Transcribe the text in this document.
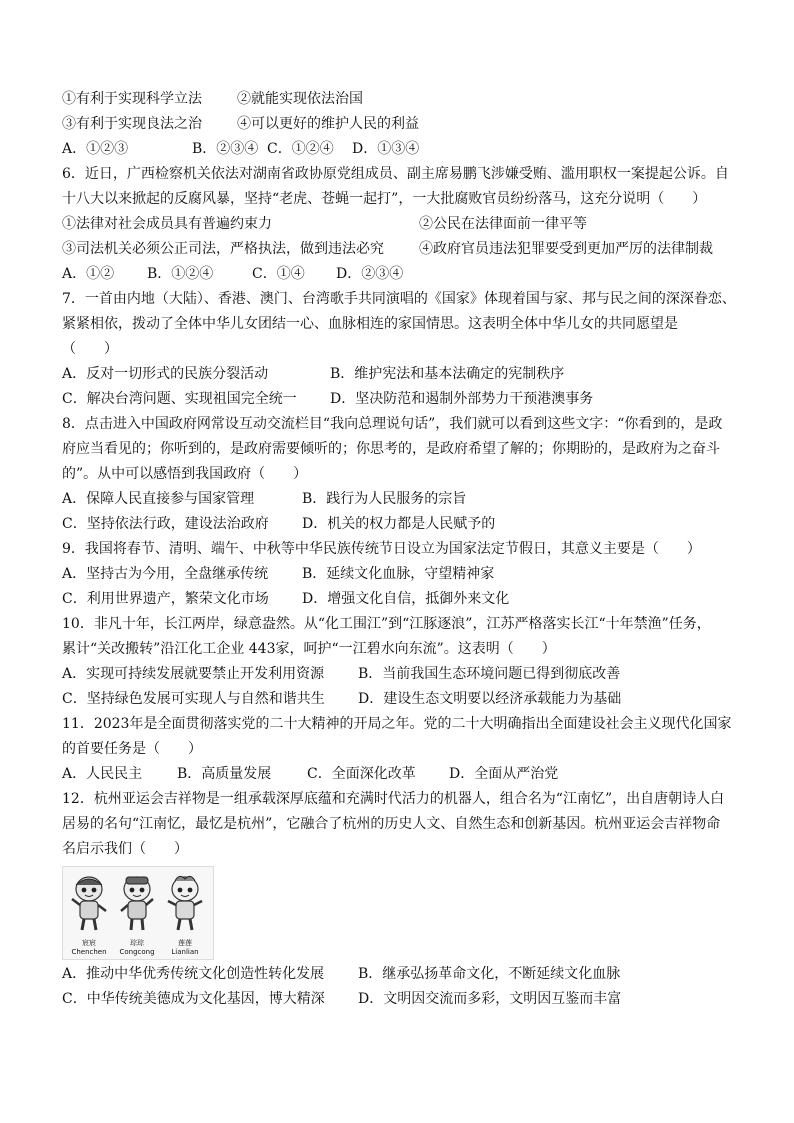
①有利于实现科学立法	②就能实现依法治国
③有利于实现良法之治	④可以更好的维护人民的利益
A．①②③	B．②③④ C．①②④	D．①③④
6．近日，广西检察机关依法对湖南省政协原党组成员、副主席易鹏飞涉嫌受贿、滥用职权一案提起公诉。自
十八大以来掀起的反腐风暴，坚持“老虎、苍蝇一起打”，一大批腐败官员纷纷落马，这充分说明（　　）
①法律对社会成员具有普遍约束力	②公民在法律面前一律平等
③司法机关必须公正司法，严格执法，做到违法必究	④政府官员违法犯罪要受到更加严厉的法律制裁
A．①②	B．①②④	C．①④	D．②③④
7．一首由内地（大陆）、香港、澳门、台湾歌手共同演唱的《国家》体现着国与家、邦与民之间的深深眷恋、
紧紧相依，拨动了全体中华儿女团结一心、血脉相连的家国情思。这表明全体中华儿女的共同愿望是
（　　）
A．反对一切形式的民族分裂活动	B．维护宪法和基本法确定的宪制秩序
C．解决台湾问题、实现祖国完全统一	D．坚决防范和遏制外部势力干预港澳事务
8．点击进入中国政府网常设互动交流栏目“我向总理说句话”，我们就可以看到这些文字：“你看到的，是政
府应当看见的；你听到的，是政府需要倾听的；你思考的，是政府希望了解的；你期盼的，是政府为之奋斗
的”。从中可以感悟到我国政府（　　）
A．保障人民直接参与国家管理	B．践行为人民服务的宗旨
C．坚持依法行政，建设法治政府	D．机关的权力都是人民赋予的
9．我国将春节、清明、端午、中秋等中华民族传统节日设立为国家法定节假日，其意义主要是（　　）
A．坚持古为今用，全盘继承传统	B．延续文化血脉，守望精神家
C．利用世界遗产，繁荣文化市场	D．增强文化自信，抵御外来文化
10．非凡十年，长江两岸，绿意盎然。从“化工围江”到“江豚逐浪”，江苏严格落实长江“十年禁渔”任务，
累计“关改搬转”沿江化工企业 443家，呵护“一江碧水向东流”。这表明（　　）
A．实现可持续发展就要禁止开发利用资源	B．当前我国生态环境问题已得到彻底改善
C．坚持绿色发展可实现人与自然和谐共生	D．建设生态文明要以经济承载能力为基础
11．2023年是全面贯彻落实党的二十大精神的开局之年。党的二十大明确指出全面建设社会主义现代化国家
的首要任务是（　　）
A．人民民主	B．高质量发展	C．全面深化改革	D．全面从严治党
12．杭州亚运会吉祥物是一组承载深厚底蕴和充满时代活力的机器人，组合名为“江南忆”，出自唐朝诗人白
居易的名句“江南忆，最忆是杭州”，它融合了杭州的历史人文、自然生态和创新基因。杭州亚运会吉祥物命
名启示我们（　　）
宸宸
Chenchen
琮琮
Congcong
莲莲
Lianlian
A．推动中华优秀传统文化创造性转化发展	B．继承弘扬革命文化，不断延续文化血脉
C．中华传统美德成为文化基因，博大精深	D．文明因交流而多彩，文明因互鉴而丰富
